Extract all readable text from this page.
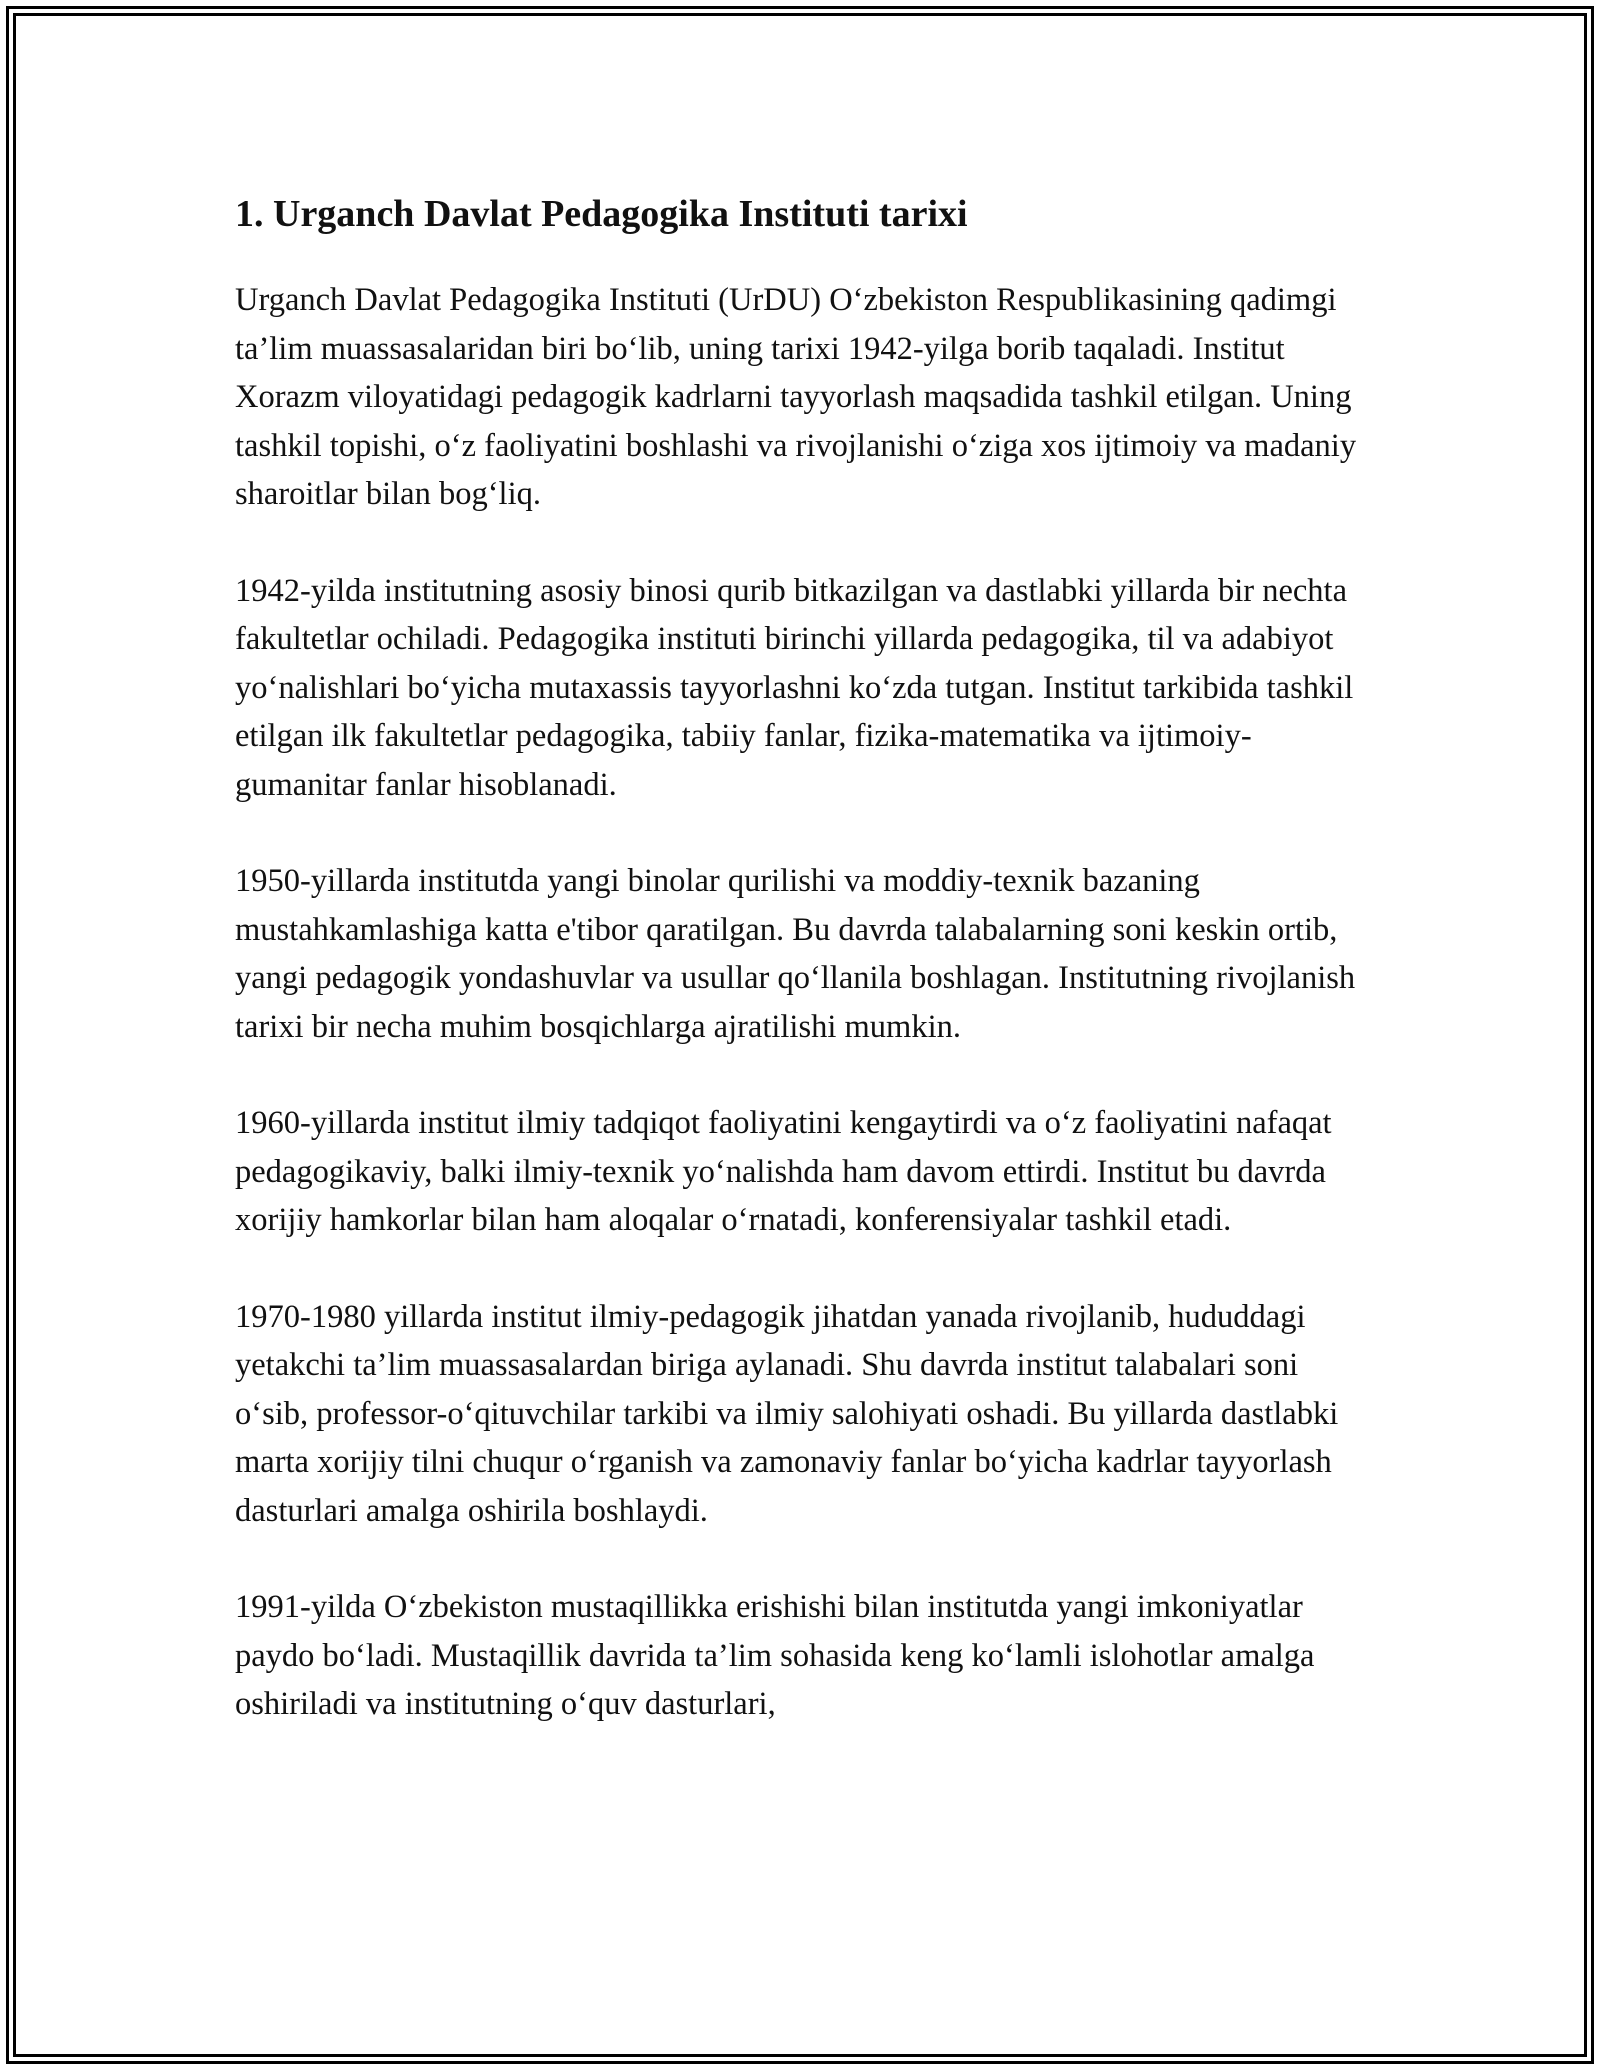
1. Urganch Davlat Pedagogika Instituti tarixi

Urganch Davlat Pedagogika Instituti (UrDU) O‘zbekiston Respublikasining qadimgi ta’lim muassasalaridan biri bo‘lib, uning tarixi 1942-yilga borib taqaladi. Institut Xorazm viloyatidagi pedagogik kadrlarni tayyorlash maqsadida tashkil etilgan. Uning tashkil topishi, o‘z faoliyatini boshlashi va rivojlanishi o‘ziga xos ijtimoiy va madaniy sharoitlar bilan bog‘liq.

1942-yilda institutning asosiy binosi qurib bitkazilgan va dastlabki yillarda bir nechta fakultetlar ochiladi. Pedagogika instituti birinchi yillarda pedagogika, til va adabiyot yo‘nalishlari bo‘yicha mutaxassis tayyorlashni ko‘zda tutgan. Institut tarkibida tashkil etilgan ilk fakultetlar pedagogika, tabiiy fanlar, fizika-matematika va ijtimoiy-gumanitar fanlar hisoblanadi.

1950-yillarda institutda yangi binolar qurilishi va moddiy-texnik bazaning mustahkamlashiga katta e'tibor qaratilgan. Bu davrda talabalarning soni keskin ortib, yangi pedagogik yondashuvlar va usullar qo‘llanila boshlagan. Institutning rivojlanish tarixi bir necha muhim bosqichlarga ajratilishi mumkin.

1960-yillarda institut ilmiy tadqiqot faoliyatini kengaytirdi va o‘z faoliyatini nafaqat pedagogikaviy, balki ilmiy-texnik yo‘nalishda ham davom ettirdi. Institut bu davrda xorijiy hamkorlar bilan ham aloqalar o‘rnatadi, konferensiyalar tashkil etadi.

1970-1980 yillarda institut ilmiy-pedagogik jihatdan yanada rivojlanib, hududdagi yetakchi ta’lim muassasalardan biriga aylanadi. Shu davrda institut talabalari soni o‘sib, professor-o‘qituvchilar tarkibi va ilmiy salohiyati oshadi. Bu yillarda dastlabki marta xorijiy tilni chuqur o‘rganish va zamonaviy fanlar bo‘yicha kadrlar tayyorlash dasturlari amalga oshirila boshlaydi.

1991-yilda O‘zbekiston mustaqillikka erishishi bilan institutda yangi imkoniyatlar paydo bo‘ladi. Mustaqillik davrida ta’lim sohasida keng ko‘lamli islohotlar amalga oshiriladi va institutning o‘quv dasturlari,
